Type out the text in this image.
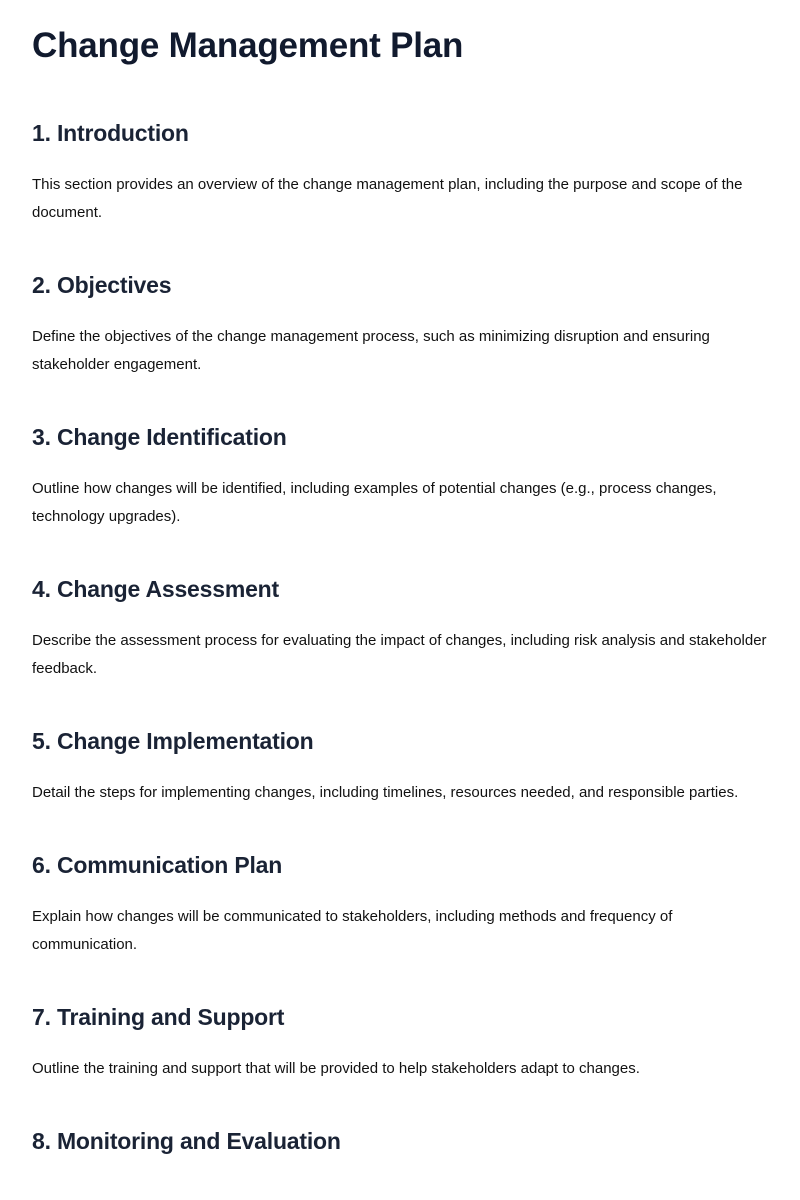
Change Management Plan
1. Introduction

This section provides an overview of the change management plan, including the purpose and scope of the document.

2. Objectives

Define the objectives of the change management process, such as minimizing disruption and ensuring stakeholder engagement.

3. Change Identification

Outline how changes will be identified, including examples of potential changes (e.g., process changes, technology upgrades).

4. Change Assessment

Describe the assessment process for evaluating the impact of changes, including risk analysis and stakeholder feedback.

5. Change Implementation

Detail the steps for implementing changes, including timelines, resources needed, and responsible parties.

6. Communication Plan

Explain how changes will be communicated to stakeholders, including methods and frequency of communication.

7. Training and Support

Outline the training and support that will be provided to help stakeholders adapt to changes.

8. Monitoring and Evaluation
